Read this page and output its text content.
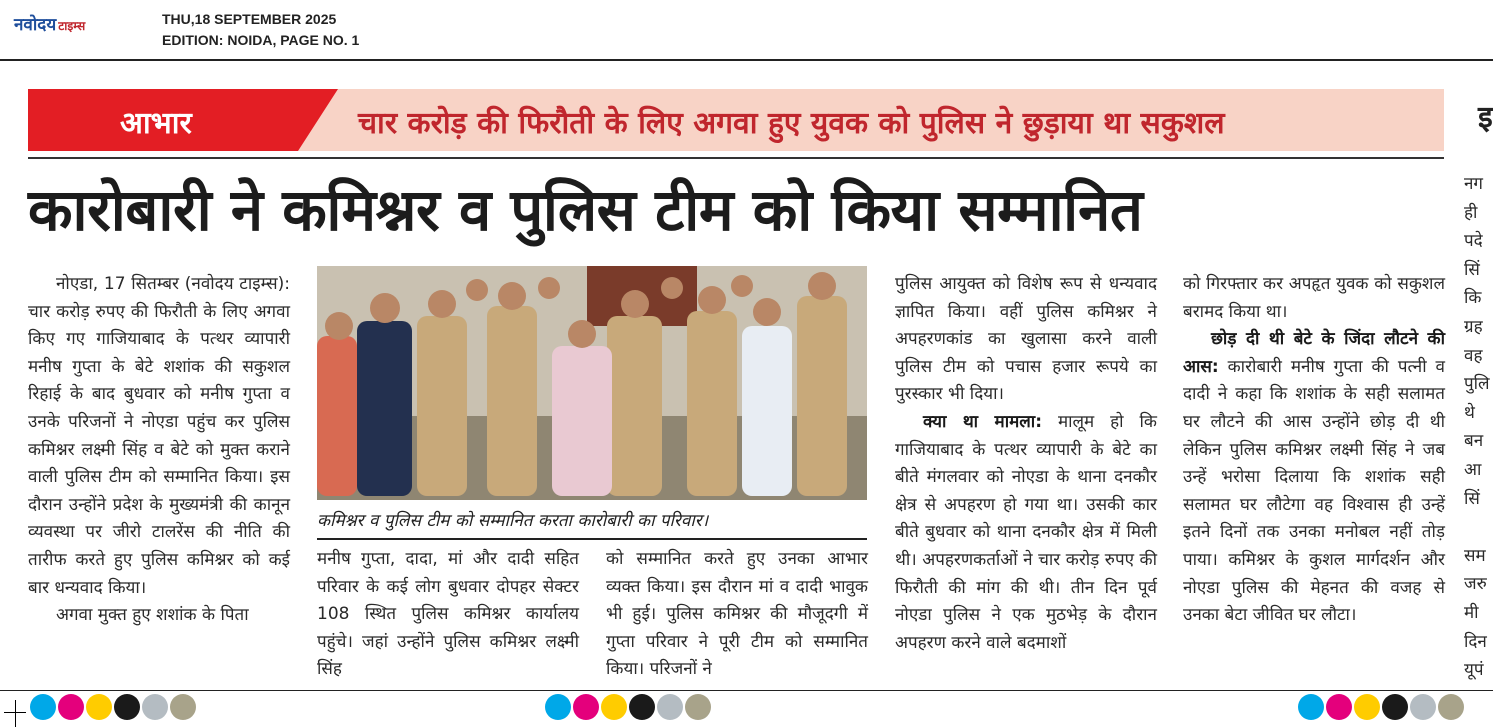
नवोदय टाइम्स	THU,18 SEPTEMBER 2025
EDITION: NOIDA, PAGE NO. 1
इ
आभार	चार करोड़ की फिरौती के लिए अगवा हुए युवक को पुलिस ने छुड़ाया था सकुशल
कारोबारी ने कमिश्नर व पुलिस टीम को किया सम्मानित

नोएडा, 17 सितम्बर (नवोदय टाइम्स): चार करोड़ रुपए की फिरौती के लिए अगवा किए गए गाजियाबाद के पत्थर व्यापारी मनीष गुप्ता के बेटे शशांक की सकुशल रिहाई के बाद बुधवार को मनीष गुप्ता व उनके परिजनों ने नोएडा पहुंच कर पुलिस कमिश्नर लक्ष्मी सिंह व बेटे को मुक्त कराने वाली पुलिस टीम को सम्मानित किया। इस दौरान उन्होंने प्रदेश के मुख्यमंत्री की कानून व्यवस्था पर जीरो टालरेंस की नीति की तारीफ करते हुए पुलिस कमिश्नर को कई बार धन्यवाद किया।

अगवा मुक्त हुए शशांक के पिता

कमिश्नर व पुलिस टीम को सम्मानित करता कारोबारी का परिवार।

मनीष गुप्ता, दादा, मां और दादी सहित परिवार के कई लोग बुधवार दोपहर सेक्टर 108 स्थित पुलिस कमिश्नर कार्यालय पहुंचे। जहां उन्होंने पुलिस कमिश्नर लक्ष्मी सिंह

को सम्मानित करते हुए उनका आभार व्यक्त किया। इस दौरान मां व दादी भावुक भी हुई। पुलिस कमिश्नर की मौजूदगी में गुप्ता परिवार ने पूरी टीम को सम्मानित किया। परिजनों ने

पुलिस आयुक्त को विशेष रूप से धन्यवाद ज्ञापित किया। वहीं पुलिस कमिश्नर ने अपहरणकांड का खुलासा करने वाली पुलिस टीम को पचास हजार रूपये का पुरस्कार भी दिया।

क्या था मामला: मालूम हो कि गाजियाबाद के पत्थर व्यापारी के बेटे का बीते मंगलवार को नोएडा के थाना दनकौर क्षेत्र से अपहरण हो गया था। उसकी कार बीते बुधवार को थाना दनकौर क्षेत्र में मिली थी। अपहरणकर्ताओं ने चार करोड़ रुपए की फिरौती की मांग की थी। तीन दिन पूर्व नोएडा पुलिस ने एक मुठभेड़ के दौरान अपहरण करने वाले बदमाशों

को गिरफ्तार कर अपहृत युवक को सकुशल बरामद किया था।

छोड़ दी थी बेटे के जिंदा लौटने की आस: कारोबारी मनीष गुप्ता की पत्नी व दादी ने कहा कि शशांक के सही सलामत घर लौटने की आस उन्होंने छोड़ दी थी लेकिन पुलिस कमिश्नर लक्ष्मी सिंह ने जब उन्हें भरोसा दिलाया कि शशांक सही सलामत घर लौटेगा वह विश्वास ही उन्हें इतने दिनों तक उनका मनोबल नहीं तोड़ पाया। कमिश्नर के कुशल मार्गदर्शन और नोएडा पुलिस की मेहनत की वजह से उनका बेटा जीवित घर लौटा।

नग
ही
पदे
सिं
कि
ग्रह
वह
पुलि
थे
बन
आ
सिं

सम
जरु
मी
दिन
यूपं
